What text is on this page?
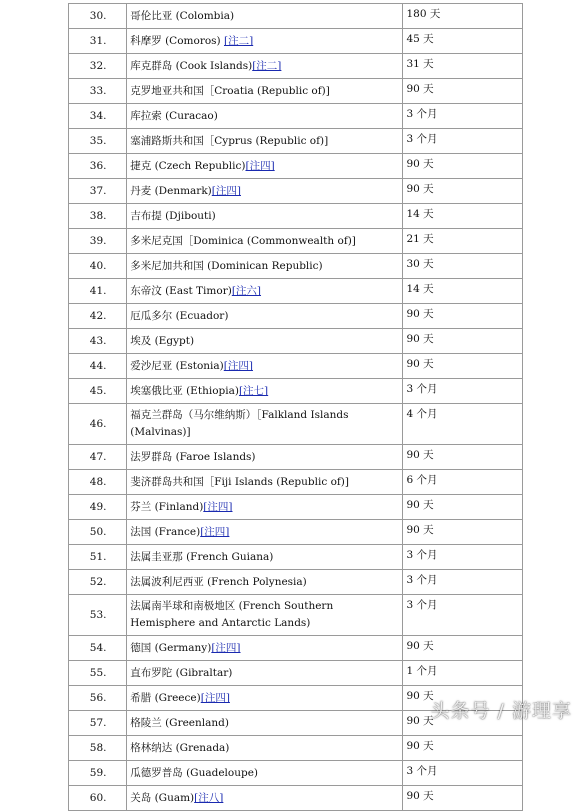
30.	哥伦比亚 (Colombia)	180 天
31.	科摩罗 (Comoros) [注二]	45 天
32.	库克群岛 (Cook Islands)[注二]	31 天
33.	克罗地亚共和国［Croatia (Republic of)]	90 天
34.	库拉索 (Curacao)	3 个月
35.	塞浦路斯共和国［Cyprus (Republic of)]	3 个月
36.	捷克 (Czech Republic)[注四]	90 天
37.	丹麦 (Denmark)[注四]	90 天
38.	吉布提 (Djibouti)	14 天
39.	多米尼克国［Dominica (Commonwealth of)]	21 天
40.	多米尼加共和国 (Dominican Republic)	30 天
41.	东帝汶 (East Timor)[注六]	14 天
42.	厄瓜多尔 (Ecuador)	90 天
43.	埃及 (Egypt)	90 天
44.	爱沙尼亚 (Estonia)[注四]	90 天
45.	埃塞俄比亚 (Ethiopia)[注七]	3 个月
46.	福克兰群岛（马尔维纳斯）［Falkland Islands (Malvinas)]	4 个月
47.	法罗群岛 (Faroe Islands)	90 天
48.	斐济群岛共和国［Fiji Islands (Republic of)]	6 个月
49.	芬兰 (Finland)[注四]	90 天
50.	法国 (France)[注四]	90 天
51.	法属圭亚那 (French Guiana)	3 个月
52.	法属波利尼西亚 (French Polynesia)	3 个月
53.	法属南半球和南极地区 (French Southern Hemisphere and Antarctic Lands)	3 个月
54.	德国 (Germany)[注四]	90 天
55.	直布罗陀 (Gibraltar)	1 个月
56.	希腊 (Greece)[注四]	90 天
57.	格陵兰 (Greenland)	90 天
58.	格林纳达 (Grenada)	90 天
59.	瓜德罗普岛 (Guadeloupe)	3 个月
60.	关岛 (Guam)[注八]	90 天
头条号 / 游理享
